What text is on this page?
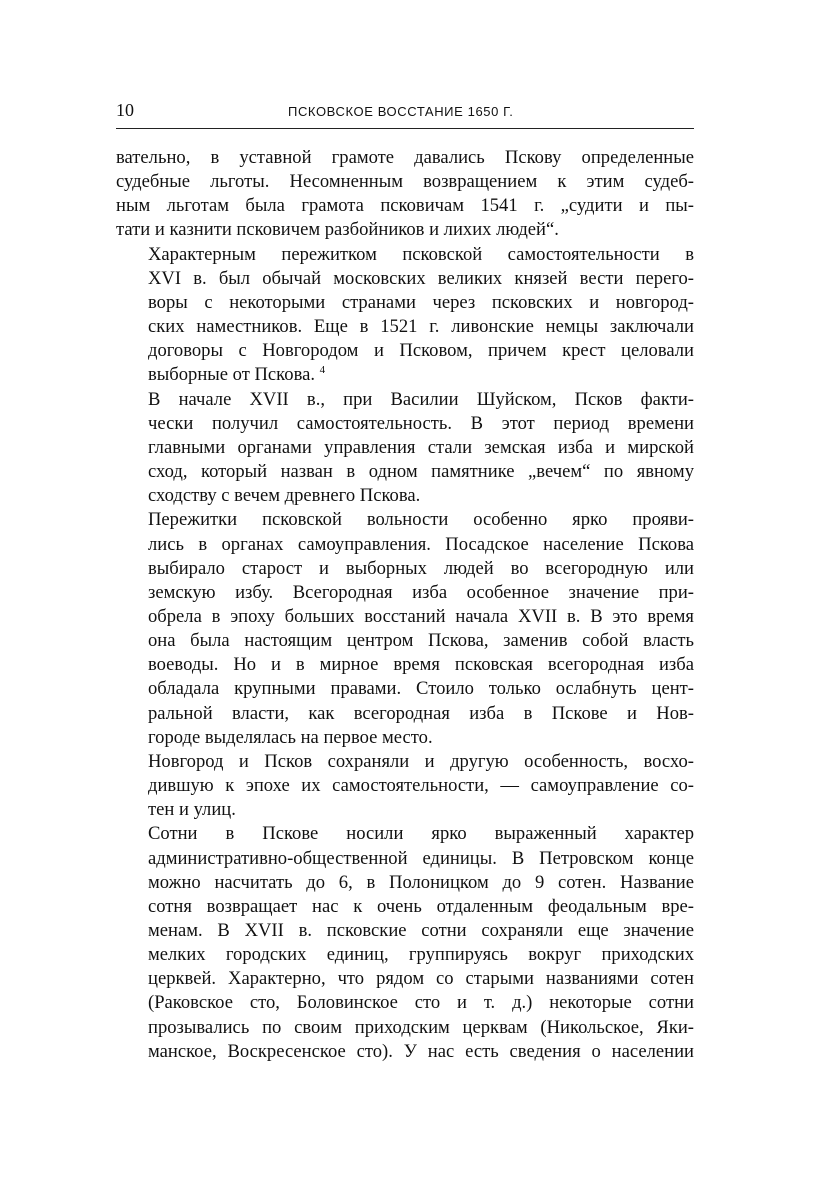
10	ПСКОВСКОЕ ВОССТАНИЕ 1650 Г.

вательно, в уставной грамоте давались Пскову определенные
судебные льготы. Несомненным возвращением к этим судеб-
ным льготам была грамота псковичам 1541 г. „судити и пы-
тати и казнити псковичем разбойников и лихих людей“.

Характерным пережитком псковской самостоятельности в
XVI в. был обычай московских великих князей вести перего-
воры с некоторыми странами через псковских и новгород-
ских наместников. Еще в 1521 г. ливонские немцы заключали
договоры с Новгородом и Псковом, причем крест целовали
выборные от Пскова. $^4$

В начале XVII в., при Василии Шуйском, Псков факти-
чески получил самостоятельность. В этот период времени
главными органами управления стали земская изба и мирской
сход, который назван в одном памятнике „вечем“ по явному
сходству с вечем древнего Пскова.

Пережитки псковской вольности особенно ярко прояви-
лись в органах самоуправления. Посадское население Пскова
выбирало старост и выборных людей во всегородную или
земскую избу. Всегородная изба особенное значение при-
обрела в эпоху больших восстаний начала XVII в. В это время
она была настоящим центром Пскова, заменив собой власть
воеводы. Но и в мирное время псковская всегородная изба
обладала крупными правами. Стоило только ослабнуть цент-
ральной власти, как всегородная изба в Пскове и Нов-
городе выделялась на первое место.

Новгород и Псков сохраняли и другую особенность, восхо-
дившую к эпохе их самостоятельности, — самоуправление со-
тен и улиц.

Сотни в Пскове носили ярко выраженный характер
административно-общественной единицы. В Петровском конце
можно насчитать до 6, в Полоницком до 9 сотен. Название
сотня возвращает нас к очень отдаленным феодальным вре-
менам. В XVII в. псковские сотни сохраняли еще значение
мелких городских единиц, группируясь вокруг приходских
церквей. Характерно, что рядом со старыми названиями сотен
(Раковское сто, Боловинское сто и т. д.) некоторые сотни
прозывались по своим приходским церквам (Никольское, Яки-
манское, Воскресенское сто). У нас есть сведения о населении
